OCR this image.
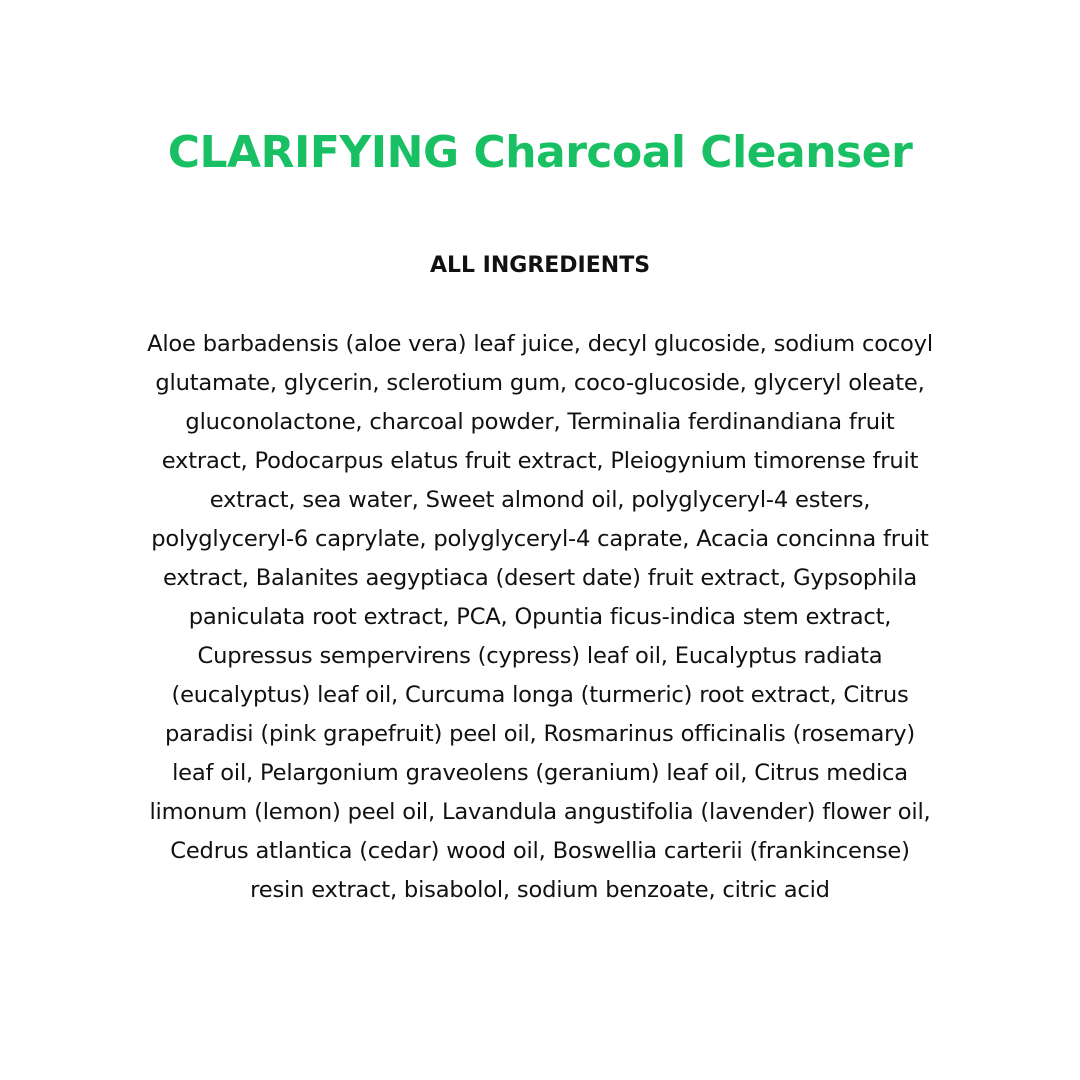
CLARIFYING Charcoal Cleanser
ALL INGREDIENTS
Aloe barbadensis (aloe vera) leaf juice, decyl glucoside, sodium cocoyl
glutamate, glycerin, sclerotium gum, coco-glucoside, glyceryl oleate,
gluconolactone, charcoal powder, Terminalia ferdinandiana fruit
extract, Podocarpus elatus fruit extract, Pleiogynium timorense fruit
extract, sea water, Sweet almond oil, polyglyceryl-4 esters,
polyglyceryl-6 caprylate, polyglyceryl-4 caprate, Acacia concinna fruit
extract, Balanites aegyptiaca (desert date) fruit extract, Gypsophila
paniculata root extract, PCA, Opuntia ficus-indica stem extract,
Cupressus sempervirens (cypress) leaf oil, Eucalyptus radiata
(eucalyptus) leaf oil, Curcuma longa (turmeric) root extract, Citrus
paradisi (pink grapefruit) peel oil, Rosmarinus officinalis (rosemary)
leaf oil, Pelargonium graveolens (geranium) leaf oil, Citrus medica
limonum (lemon) peel oil, Lavandula angustifolia (lavender) flower oil,
Cedrus atlantica (cedar) wood oil, Boswellia carterii (frankincense)
resin extract, bisabolol, sodium benzoate, citric acid
